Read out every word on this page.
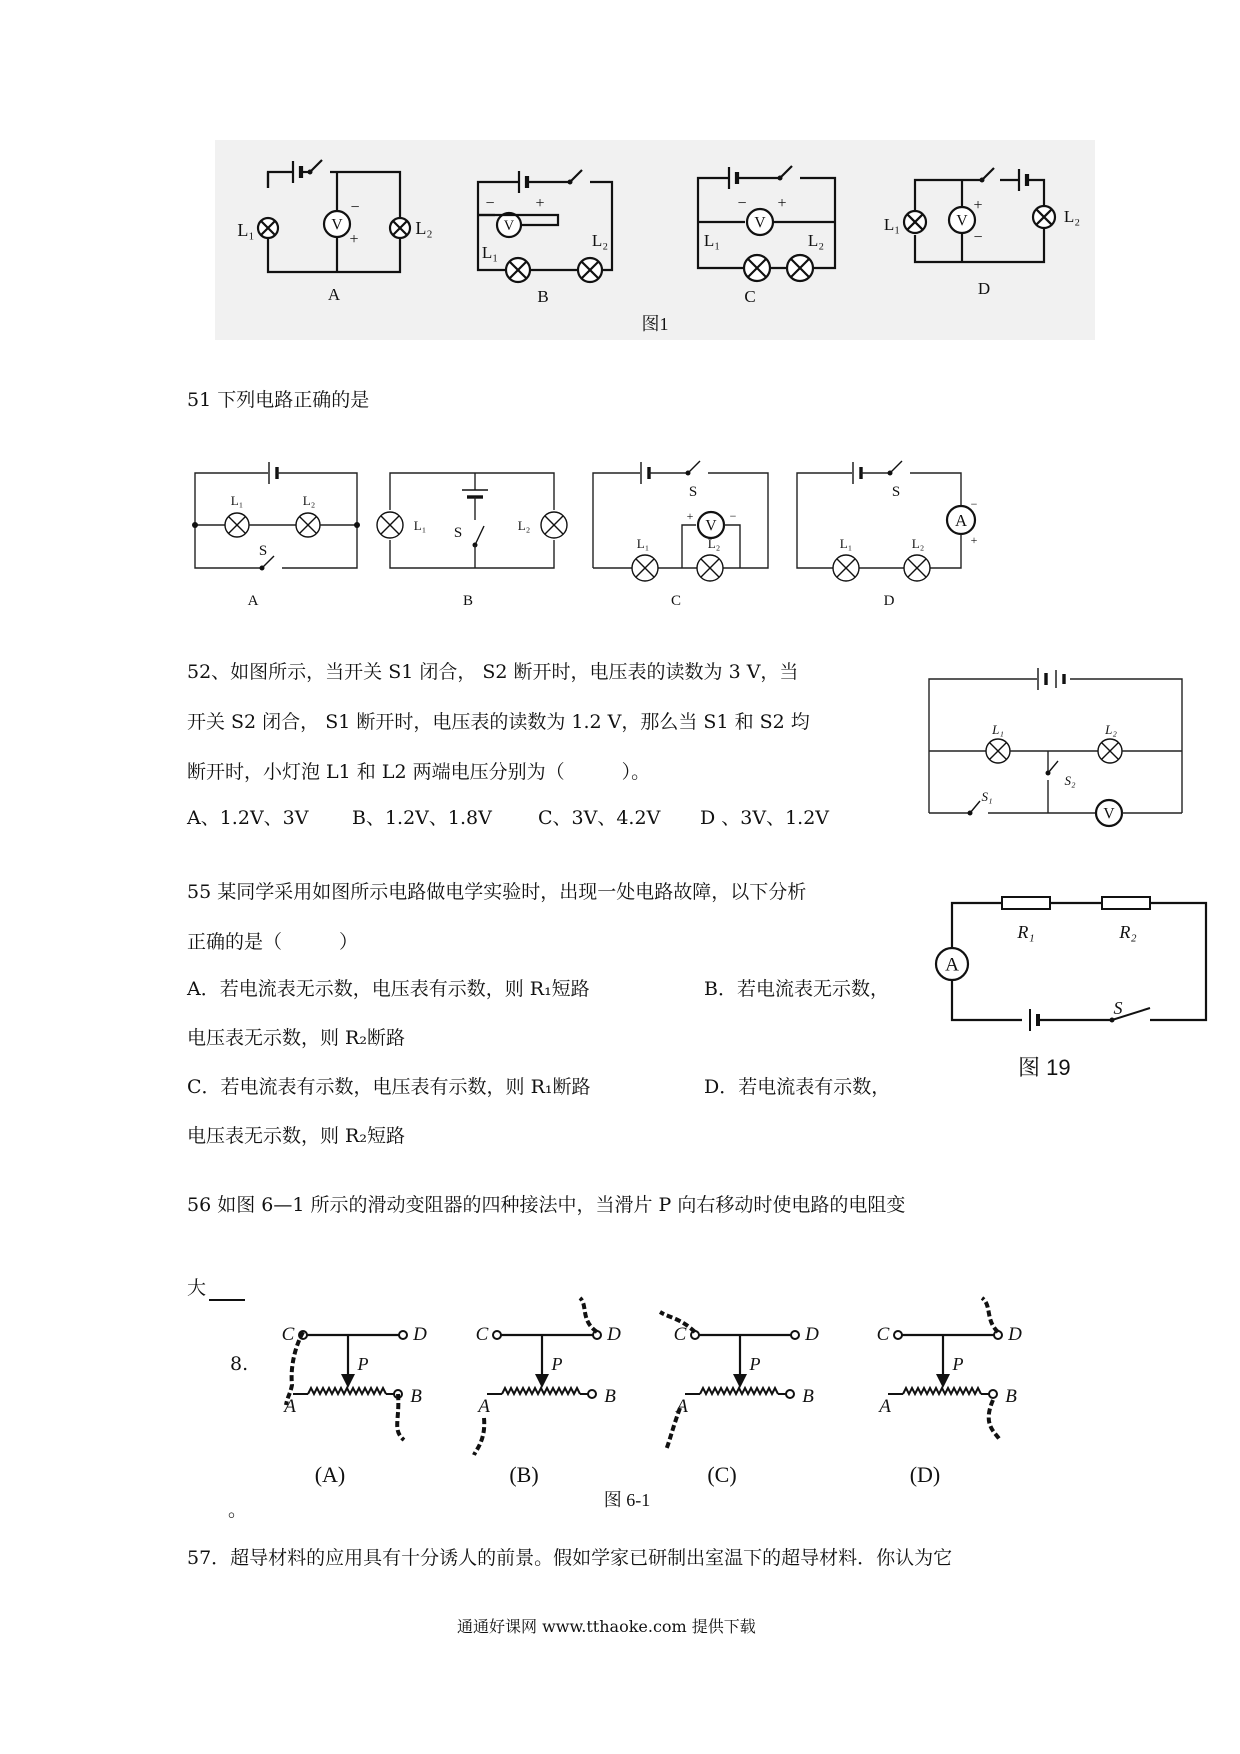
V
L₁	L₂
−
+
A
V
−	+
L₁
L₂
B
V
− +
L₁	L₂
C
V
L₁	L₂
+
−
D
图1
51 下列电路正确的是
L₁	L₂
S
A
L₁	L₂
S
B
V
+	−
L₁	L₂
S
C
A
−
+
L₁	L₂
S
D
52、如图所示，当开关 S1 闭合， S2 断开时，电压表的读数为 3 V，当
开关 S2 闭合， S1 断开时，电压表的读数为 1.2 V，那么当 S1 和 S2 均
断开时，小灯泡 L1 和 L2 两端电压分别为（　　　）。
A、1.2V、3V B、1.2V、1.8V C、3V、4.2V D 、3V、1.2V	V
L₁	L₂
S₂
S₁
55 某同学采用如图所示电路做电学实验时，出现一处电路故障，以下分析
正确的是（　　　）
A．若电流表无示数，电压表有示数，则 R₁短路	B．若电流表无示数，
电压表无示数，则 R₂断路
C．若电流表有示数，电压表有示数，则 R₁断路	D．若电流表有示数，
电压表无示数，则 R₂短路
A
R₁	R₂
S
图 19
56 如图 6—1 所示的滑动变阻器的四种接法中，当滑片 P 向右移动时使电路的电阻变
大
8.
C	D
P
B
A
(A)
C	D
P
B
A
(B)
C	D
P
B
A
(C)
C	D
P
B
A
(D)
图 6-1
。
57．超导材料的应用具有十分诱人的前景。假如学家已研制出室温下的超导材料．你认为它
通通好课网 www.tthaoke.com 提供下载
